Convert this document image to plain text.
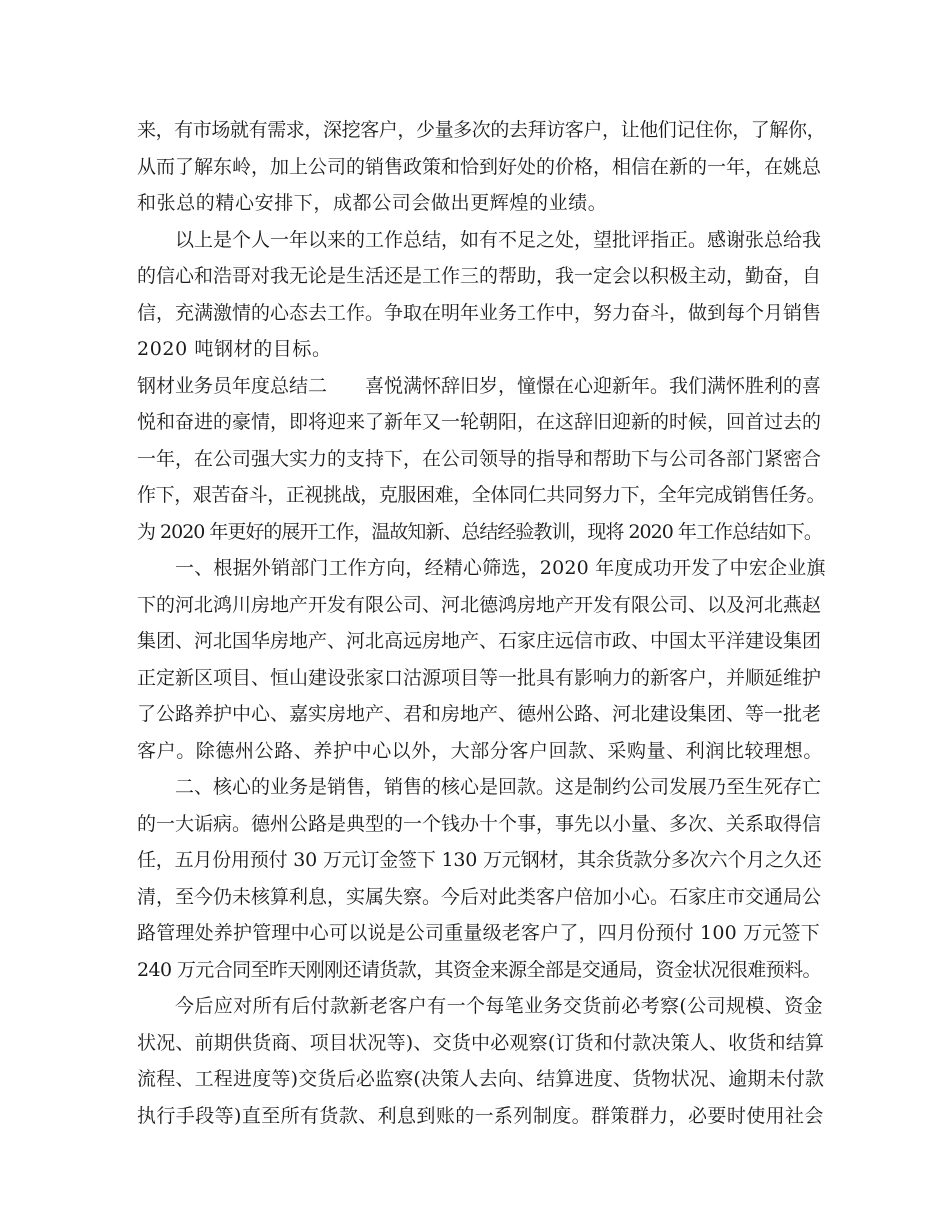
来，有市场就有需求，深挖客户，少量多次的去拜访客户，让他们记住你，了解你，
从而了解东岭，加上公司的销售政策和恰到好处的价格，相信在新的一年，在姚总
和张总的精心安排下，成都公司会做出更辉煌的业绩。
以上是个人一年以来的工作总结，如有不足之处，望批评指正。感谢张总给我
的信心和浩哥对我无论是生活还是工作三的帮助，我一定会以积极主动，勤奋，自
信，充满激情的心态去工作。争取在明年业务工作中，努力奋斗，做到每个月销售
2020 吨钢材的目标。
钢材业务员年度总结二　　喜悦满怀辞旧岁，憧憬在心迎新年。我们满怀胜利的喜
悦和奋进的豪情，即将迎来了新年又一轮朝阳，在这辞旧迎新的时候，回首过去的
一年，在公司强大实力的支持下，在公司领导的指导和帮助下与公司各部门紧密合
作下，艰苦奋斗，正视挑战，克服困难，全体同仁共同努力下，全年完成销售任务。
为 2020 年更好的展开工作，温故知新、总结经验教训，现将 2020 年工作总结如下。
一、根据外销部门工作方向，经精心筛选，2020 年度成功开发了中宏企业旗
下的河北鸿川房地产开发有限公司、河北德鸿房地产开发有限公司、以及河北燕赵
集团、河北国华房地产、河北高远房地产、石家庄远信市政、中国太平洋建设集团
正定新区项目、恒山建设张家口沽源项目等一批具有影响力的新客户，并顺延维护
了公路养护中心、嘉实房地产、君和房地产、德州公路、河北建设集团、等一批老
客户。除德州公路、养护中心以外，大部分客户回款、采购量、利润比较理想。
二、核心的业务是销售，销售的核心是回款。这是制约公司发展乃至生死存亡
的一大诟病。德州公路是典型的一个钱办十个事，事先以小量、多次、关系取得信
任，五月份用预付 30 万元订金签下 130 万元钢材，其余货款分多次六个月之久还
清，至今仍未核算利息，实属失察。今后对此类客户倍加小心。石家庄市交通局公
路管理处养护管理中心可以说是公司重量级老客户了，四月份预付 100 万元签下
240 万元合同至昨天刚刚还请货款，其资金来源全部是交通局，资金状况很难预料。
今后应对所有后付款新老客户有一个每笔业务交货前必考察(公司规模、资金
状况、前期供货商、项目状况等)、交货中必观察(订货和付款决策人、收货和结算
流程、工程进度等)交货后必监察(决策人去向、结算进度、货物状况、逾期未付款
执行手段等)直至所有货款、利息到账的一系列制度。群策群力，必要时使用社会
